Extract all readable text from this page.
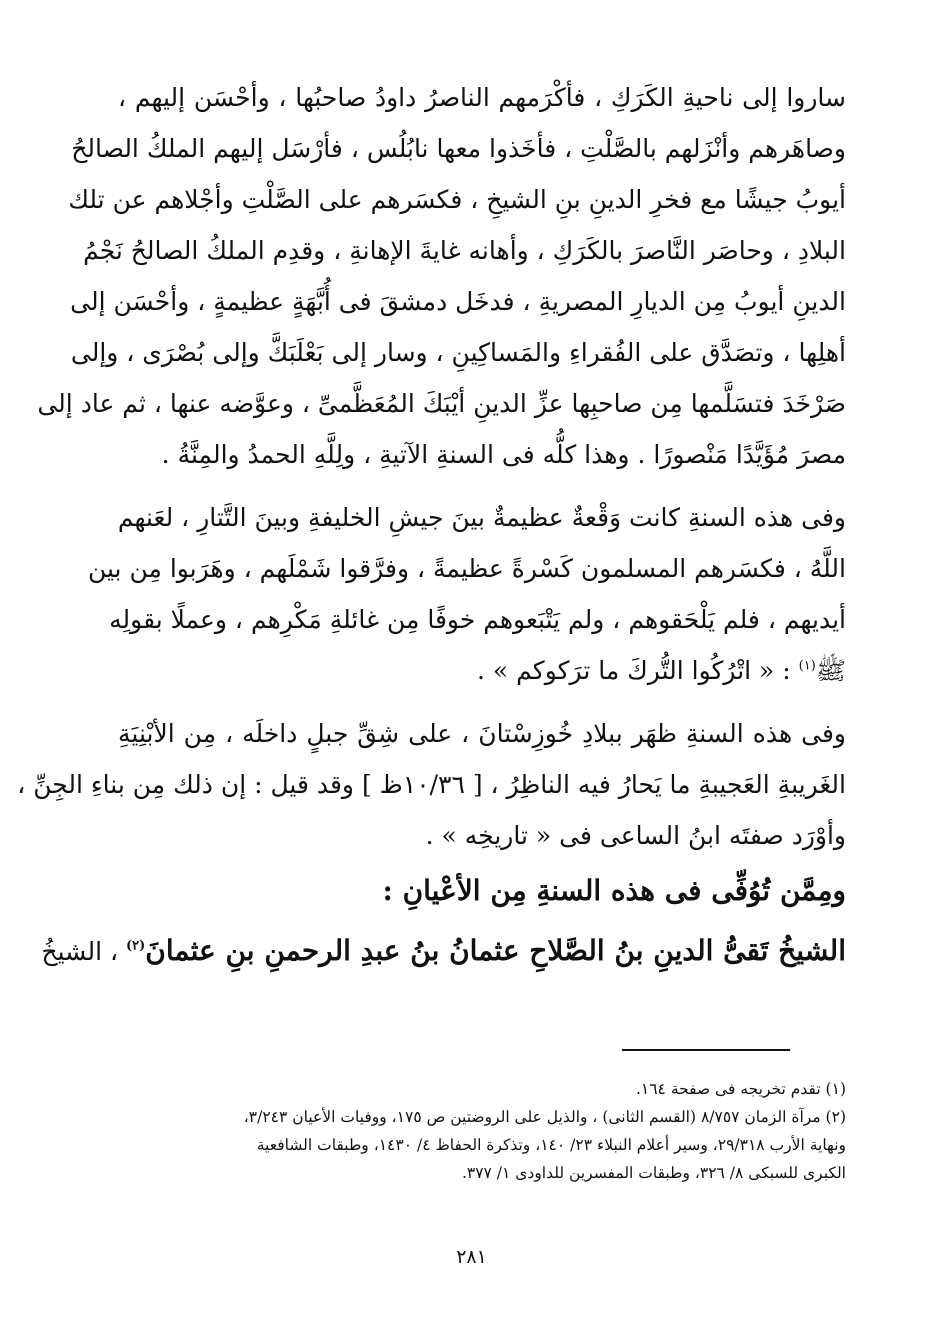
ساروا إلى ناحيةِ الكَرَكِ ، فأكْرَمهم الناصرُ داودُ صاحبُها ، وأحْسَن إليهم ،
وصاهَرهم وأنْزَلهم بالصَّلْتِ ، فأخَذوا معها نابُلُس ، فأرْسَل إليهم الملكُ الصالحُ
أيوبُ جيشًا مع فخرِ الدينِ بنِ الشيخِ ، فكسَرهم على الصَّلْتِ وأجْلاهم عن تلك
البلادِ ، وحاصَر النَّاصرَ بالكَرَكِ ، وأهانه غايةَ الإهانةِ ، وقدِم الملكُ الصالحُ نَجْمُ
الدينِ أيوبُ مِن الديارِ المصريةِ ، فدخَل دمشقَ فى أُبَّهَةٍ عظيمةٍ ، وأحْسَن إلى
أهلِها ، وتصَدَّق على الفُقراءِ والمَساكِينِ ، وسار إلى بَعْلَبَكَّ وإلى بُصْرَى ، وإلى
صَرْخَدَ فتسَلَّمها مِن صاحبِها عزِّ الدينِ أيْبَكَ المُعَظَّمىِّ ، وعوَّضه عنها ، ثم عاد إلى
مصرَ مُؤَيَّدًا مَنْصورًا . وهذا كلُّه فى السنةِ الآتيةِ ، ولِلَّهِ الحمدُ والمِنَّةُ .
وفى هذه السنةِ كانت وَقْعةٌ عظيمةٌ بينَ جيشِ الخليفةِ وبينَ التَّتارِ ، لعَنهم
اللَّهُ ، فكسَرهم المسلمون كَسْرةً عظيمةً ، وفرَّقوا شَمْلَهم ، وهَرَبوا مِن بين
أيديهم ، فلم يَلْحَقوهم ، ولم يَتْبَعوهم خوفًا مِن غائلةِ مَكْرِهم ، وعملًا بقولِه
ﷺ$^{(١)}$ : « اتْرُكُوا التُّركَ ما ترَكوكم » .
وفى هذه السنةِ ظهَر ببلادِ خُوزِسْتانَ ، على شِقِّ جبلٍ داخلَه ، مِن الأبْنِيَةِ
الغَريبةِ العَجيبةِ ما يَحارُ فيه الناظِرُ ، [ ١٠/٣٦ظ ] وقد قيل : إن ذلك مِن بناءِ الجِنِّ ،
وأوْرَد صفتَه ابنُ الساعى فى « تاريخِه » .
ومِمَّن تُوُفِّى فى هذه السنةِ مِن الأعْيانِ :
الشيخُ تَقىُّ الدينِ بنُ الصَّلاحِ عثمانُ بنُ عبدِ الرحمنِ بنِ عثمانَ$^{(٢)}$ ، الشيخُ
(١) تقدم تخريجه فى صفحة ١٦٤.
(٢) مرآة الزمان ٨/٧٥٧ (القسم الثانى) ، والذيل على الروضتين ص ١٧٥، ووفيات الأعيان ٣/٢٤٣،
ونهاية الأرب ٢٩/٣١٨، وسير أعلام النبلاء ٢٣/ ١٤٠، وتذكرة الحفاظ ٤/ ١٤٣٠، وطبقات الشافعية
الكبرى للسبكى ٨/ ٣٢٦، وطبقات المفسرين للداودى ١/ ٣٧٧.
٢٨١
